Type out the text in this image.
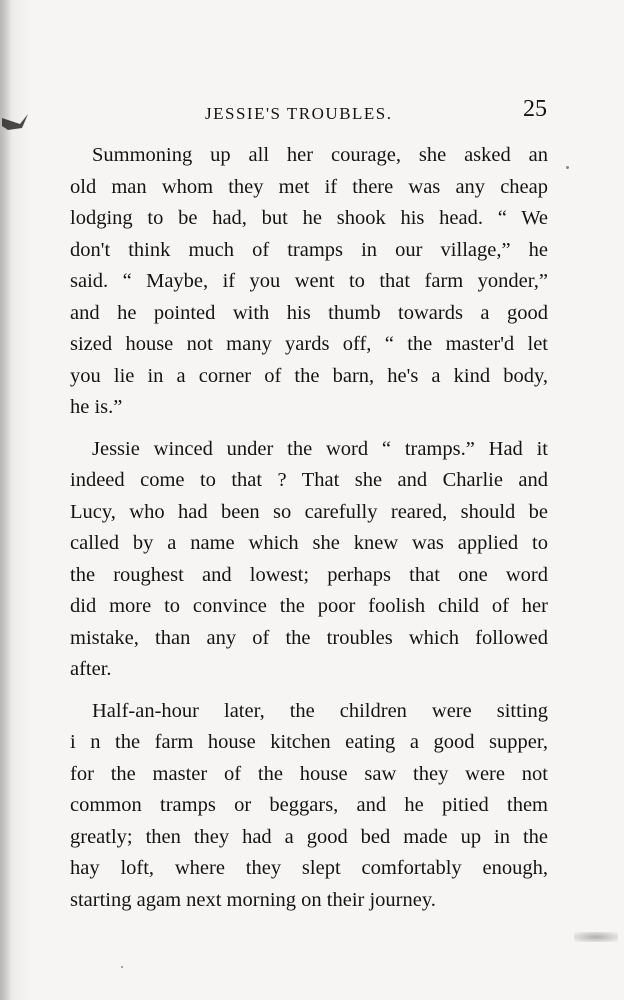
JESSIE'S TROUBLES.	25

Summoning up all her courage, she asked an
old man whom they met if there was any cheap
lodging to be had, but he shook his head. “ We
don't think much of tramps in our village,” he
said. “ Maybe, if you went to that farm yonder,”
and he pointed with his thumb towards a good
sized house not many yards off, “ the master'd let
you lie in a corner of the barn, he's a kind body,
he is.”

Jessie winced under the word “ tramps.” Had it
indeed come to that ? That she and Charlie and
Lucy, who had been so carefully reared, should be
called by a name which she knew was applied to
the roughest and lowest; perhaps that one word
did more to convince the poor foolish child of her
mistake, than any of the troubles which followed
after.

Half-an-hour later, the children were sitting
i n the farm house kitchen eating a good supper,
for the master of the house saw they were not
common tramps or beggars, and he pitied them
greatly; then they had a good bed made up in the
hay loft, where they slept comfortably enough,
starting agam next morning on their journey.
